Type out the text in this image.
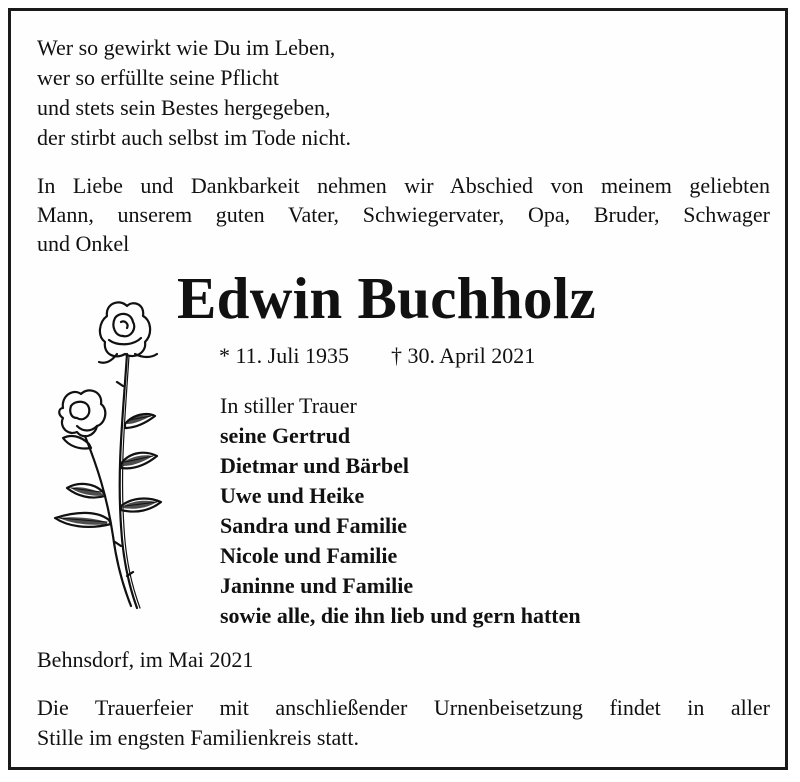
Wer so gewirkt wie Du im Leben,
wer so erfüllte seine Pflicht
und stets sein Bestes hergegeben,
der stirbt auch selbst im Tode nicht.
In Liebe und Dankbarkeit nehmen wir Abschied von meinem geliebten
Mann, unserem guten Vater, Schwiegervater, Opa, Bruder, Schwager
und Onkel
Edwin Buchholz
* 11. Juli 1935 † 30. April 2021
In stiller Trauer
seine Gertrud
Dietmar und Bärbel
Uwe und Heike
Sandra und Familie
Nicole und Familie
Janinne und Familie
sowie alle, die ihn lieb und gern hatten
Behnsdorf, im Mai 2021
Die Trauerfeier mit anschließender Urnenbeisetzung findet in aller
Stille im engsten Familienkreis statt.
